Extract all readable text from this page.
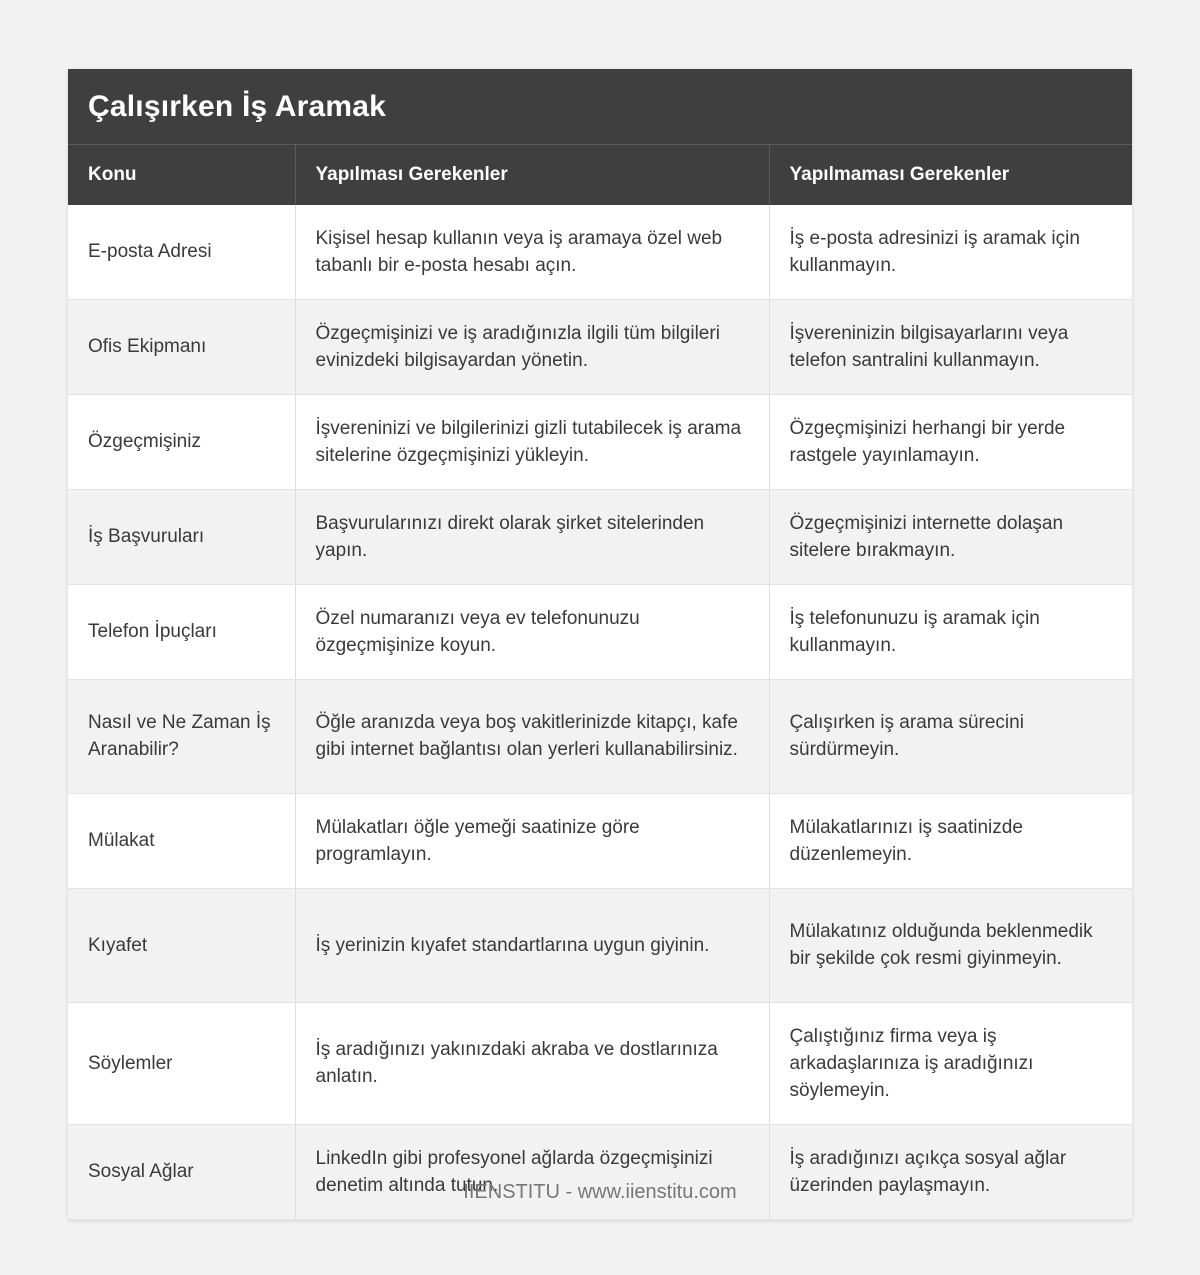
Çalışırken İş Aramak
Konu	Yapılması Gerekenler	Yapılmaması Gerekenler
E-posta Adresi	Kişisel hesap kullanın veya iş aramaya özel web tabanlı bir e-posta hesabı açın.	İş e-posta adresinizi iş aramak için kullanmayın.
Ofis Ekipmanı	Özgeçmişinizi ve iş aradığınızla ilgili tüm bilgileri evinizdeki bilgisayardan yönetin.	İşvereninizin bilgisayarlarını veya telefon santralini kullanmayın.
Özgeçmişiniz	İşvereninizi ve bilgilerinizi gizli tutabilecek iş arama sitelerine özgeçmişinizi yükleyin.	Özgeçmişinizi herhangi bir yerde rastgele yayınlamayın.
İş Başvuruları	Başvurularınızı direkt olarak şirket sitelerinden yapın.	Özgeçmişinizi internette dolaşan sitelere bırakmayın.
Telefon İpuçları	Özel numaranızı veya ev telefonunuzu özgeçmişinize koyun.	İş telefonunuzu iş aramak için kullanmayın.
Nasıl ve Ne Zaman İş Aranabilir?	Öğle aranızda veya boş vakitlerinizde kitapçı, kafe gibi internet bağlantısı olan yerleri kullanabilirsiniz.	Çalışırken iş arama sürecini sürdürmeyin.
Mülakat	Mülakatları öğle yemeği saatinize göre programlayın.	Mülakatlarınızı iş saatinizde düzenlemeyin.
Kıyafet	İş yerinizin kıyafet standartlarına uygun giyinin.	Mülakatınız olduğunda beklenmedik bir şekilde çok resmi giyinmeyin.
Söylemler	İş aradığınızı yakınızdaki akraba ve dostlarınıza anlatın.	Çalıştığınız firma veya iş arkadaşlarınıza iş aradığınızı söylemeyin.
Sosyal Ağlar	LinkedIn gibi profesyonel ağlarda özgeçmişinizi denetim altında tutun.	İş aradığınızı açıkça sosyal ağlar üzerinden paylaşmayın.
IIENSTITU - www.iienstitu.com
